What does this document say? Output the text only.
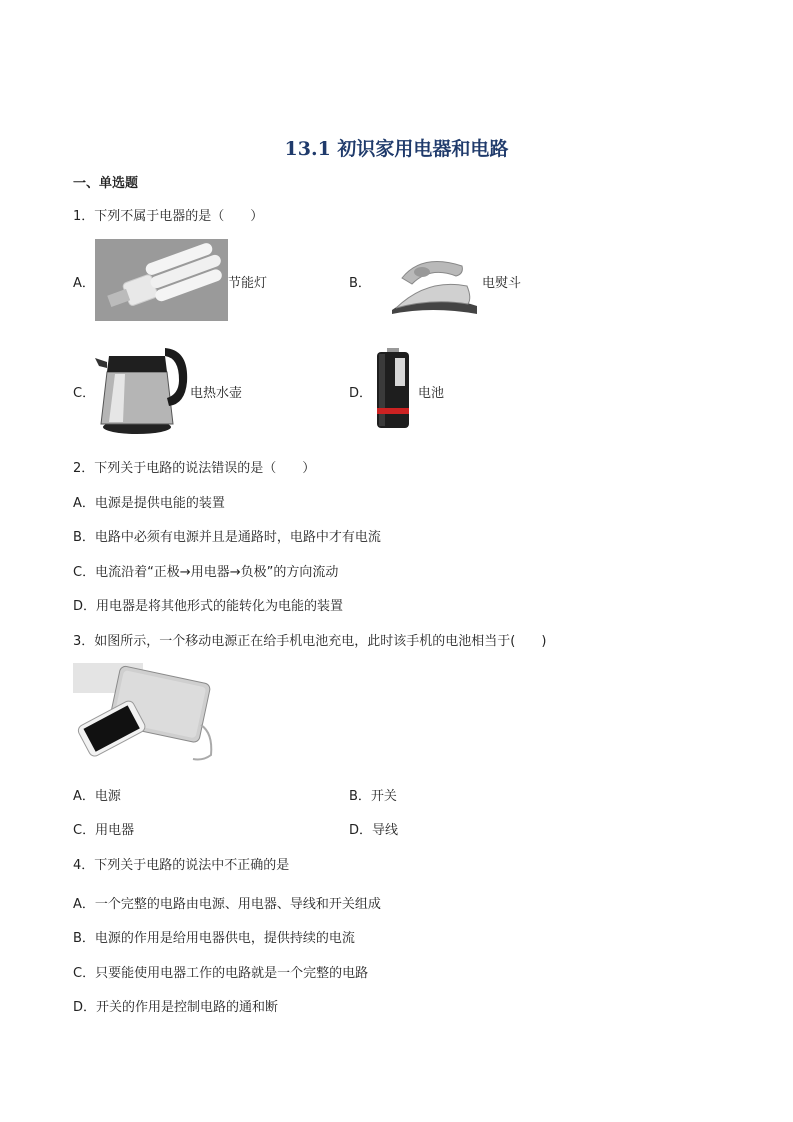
13.1 初识家用电器和电路
一、单选题
1．下列不属于电器的是（　　）
A．	节能灯	B．	电熨斗
C．	电热水壶	D．	电池
2．下列关于电路的说法错误的是（　　）
A．电源是提供电能的装置
B．电路中必须有电源并且是通路时，电路中才有电流
C．电流沿着“正极→用电器→负极”的方向流动
D．用电器是将其他形式的能转化为电能的装置
3．如图所示，一个移动电源正在给手机电池充电，此时该手机的电池相当于(　　)
A．电源	B．开关
C．用电器	D．导线
4．下列关于电路的说法中不正确的是
A．一个完整的电路由电源、用电器、导线和开关组成
B．电源的作用是给用电器供电，提供持续的电流
C．只要能使用电器工作的电路就是一个完整的电路
D．开关的作用是控制电路的通和断
